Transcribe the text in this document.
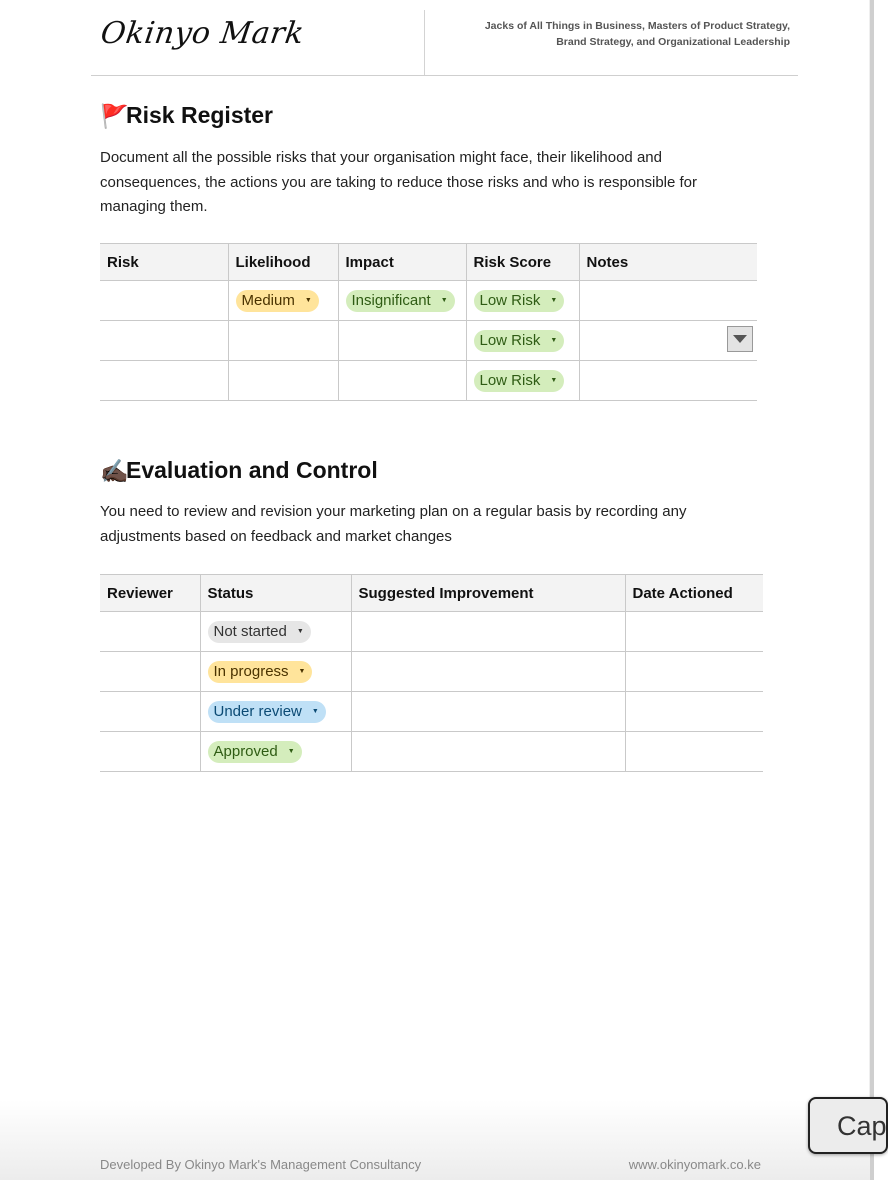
Okinyo Mark	Jacks of All Things in Business, Masters of Product Strategy,
Brand Strategy, and Organizational Leadership
🚩Risk Register
Document all the possible risks that your organisation might face, their likelihood and consequences, the actions you are taking to reduce those risks and who is responsible for managing them.
Risk	Likelihood	Impact	Risk Score	Notes

	Medium ▼	Insignificant ▼	Low Risk ▼	

			Low Risk ▼	

			Low Risk ▼	

✍🏿Evaluation and Control
You need to review and revision your marketing plan on a regular basis by recording any adjustments based on feedback and market changes
Reviewer	Status	Suggested Improvement	Date Actioned

	Not started ▼		

	In progress ▼		

	Under review ▼		

	Approved ▼		

Developed By Okinyo Mark's Management Consultancy	www.okinyomark.co.ke
Cap
